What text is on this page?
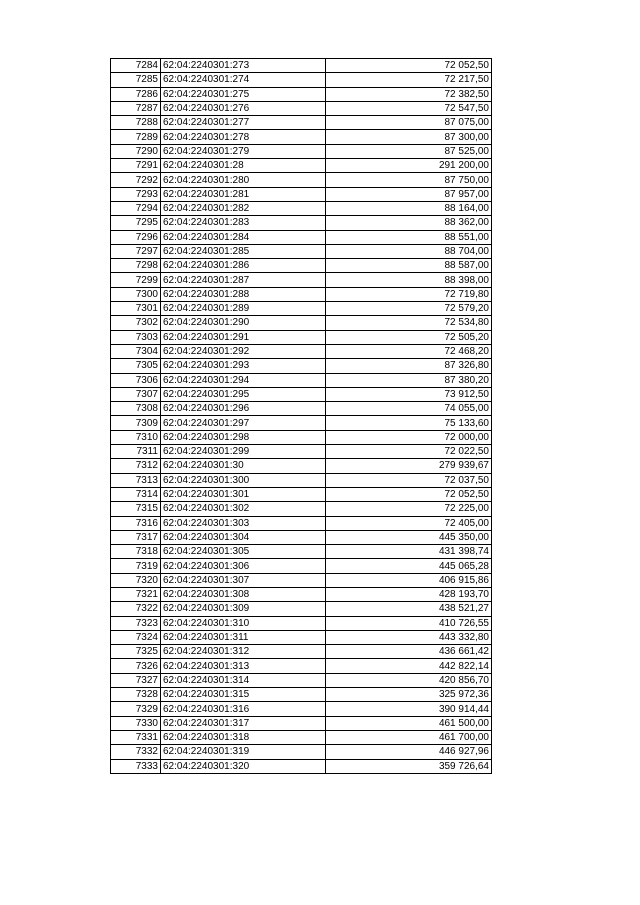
7284	62:04:2240301:273	72 052,50
7285	62:04:2240301:274	72 217,50
7286	62:04:2240301:275	72 382,50
7287	62:04:2240301:276	72 547,50
7288	62:04:2240301:277	87 075,00
7289	62:04:2240301:278	87 300,00
7290	62:04:2240301:279	87 525,00
7291	62:04:2240301:28	291 200,00
7292	62:04:2240301:280	87 750,00
7293	62:04:2240301:281	87 957,00
7294	62:04:2240301:282	88 164,00
7295	62:04:2240301:283	88 362,00
7296	62:04:2240301:284	88 551,00
7297	62:04:2240301:285	88 704,00
7298	62:04:2240301:286	88 587,00
7299	62:04:2240301:287	88 398,00
7300	62:04:2240301:288	72 719,80
7301	62:04:2240301:289	72 579,20
7302	62:04:2240301:290	72 534,80
7303	62:04:2240301:291	72 505,20
7304	62:04:2240301:292	72 468,20
7305	62:04:2240301:293	87 326,80
7306	62:04:2240301:294	87 380,20
7307	62:04:2240301:295	73 912,50
7308	62:04:2240301:296	74 055,00
7309	62:04:2240301:297	75 133,60
7310	62:04:2240301:298	72 000,00
7311	62:04:2240301:299	72 022,50
7312	62:04:2240301:30	279 939,67
7313	62:04:2240301:300	72 037,50
7314	62:04:2240301:301	72 052,50
7315	62:04:2240301:302	72 225,00
7316	62:04:2240301:303	72 405,00
7317	62:04:2240301:304	445 350,00
7318	62:04:2240301:305	431 398,74
7319	62:04:2240301:306	445 065,28
7320	62:04:2240301:307	406 915,86
7321	62:04:2240301:308	428 193,70
7322	62:04:2240301:309	438 521,27
7323	62:04:2240301:310	410 726,55
7324	62:04:2240301:311	443 332,80
7325	62:04:2240301:312	436 661,42
7326	62:04:2240301:313	442 822,14
7327	62:04:2240301:314	420 856,70
7328	62:04:2240301:315	325 972,36
7329	62:04:2240301:316	390 914,44
7330	62:04:2240301:317	461 500,00
7331	62:04:2240301:318	461 700,00
7332	62:04:2240301:319	446 927,96
7333	62:04:2240301:320	359 726,64
